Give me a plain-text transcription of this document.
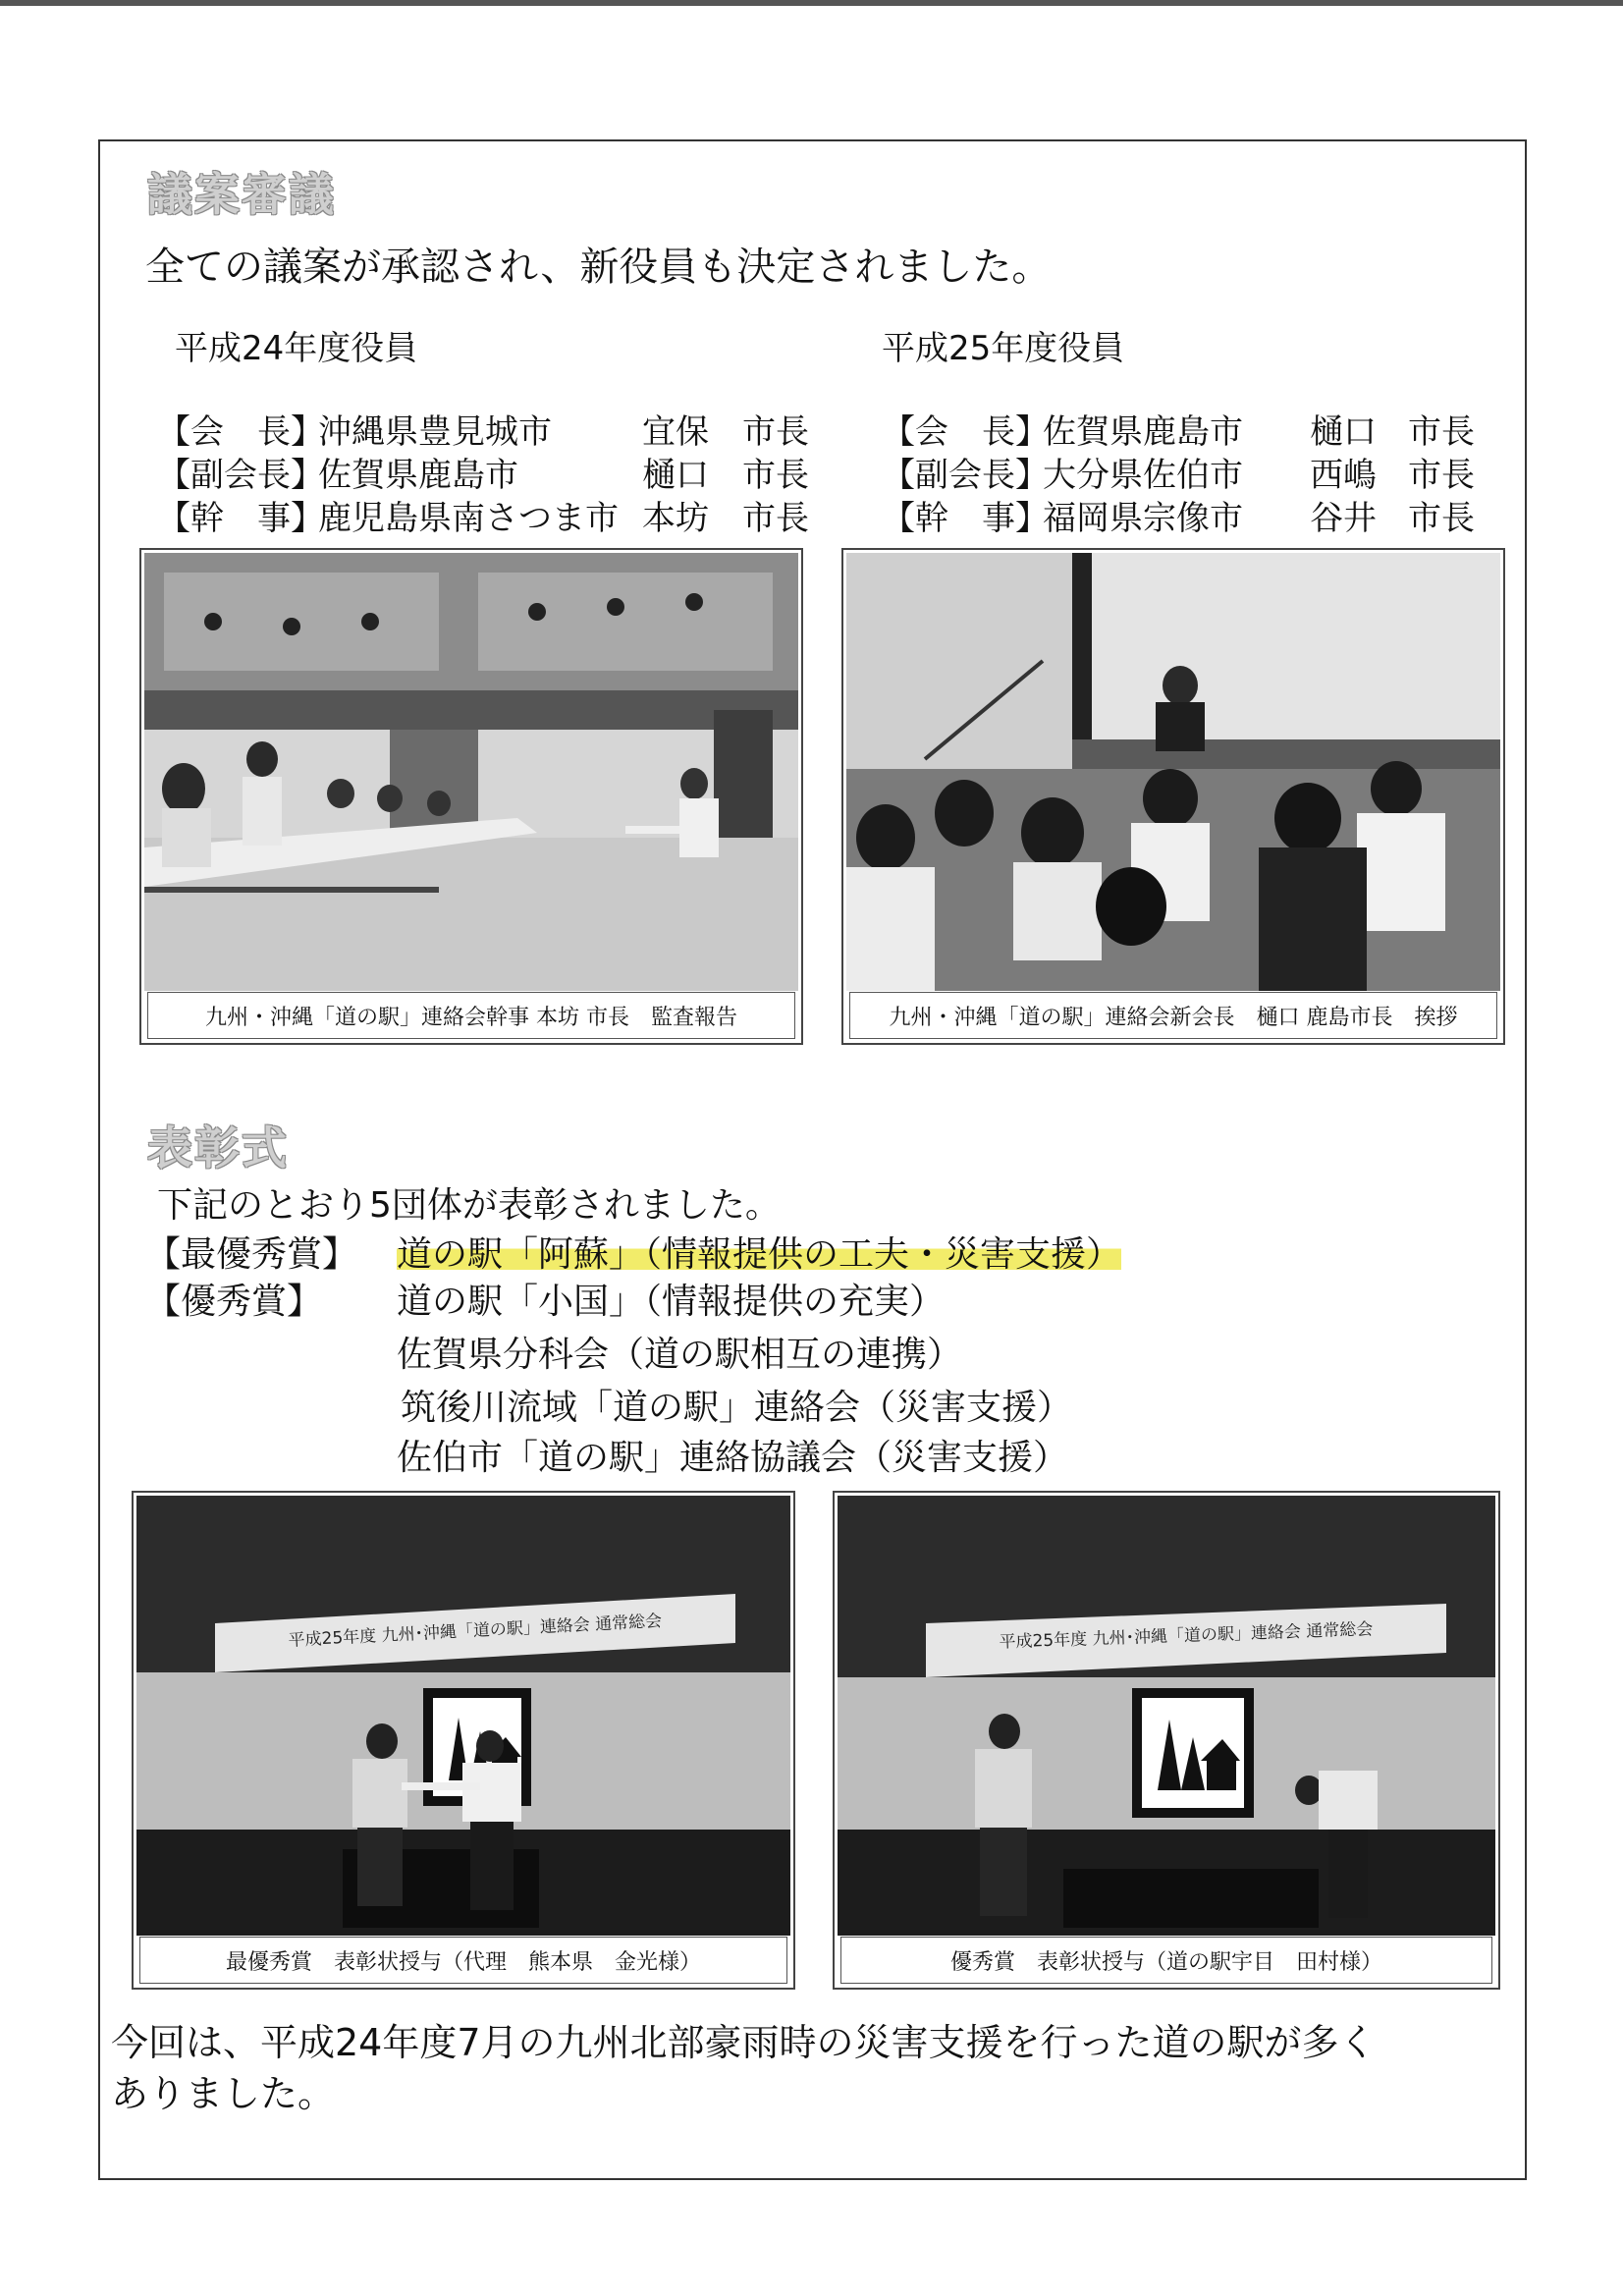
議案審議
全ての議案が承認され、新役員も決定されました。
平成24年度役員	平成25年度役員
【会　長】沖縄県豊見城市	宜保 市長
【副会長】佐賀県鹿島市	樋口 市長
【幹　事】鹿児島県南さつま市 本坊 市長
【会　長】佐賀県鹿島市 樋口 市長
【副会長】大分県佐伯市 西嶋 市長
【幹　事】福岡県宗像市 谷井 市長
九州・沖縄「道の駅」連絡会幹事 本坊 市長　監査報告	九州・沖縄「道の駅」連絡会新会長　樋口 鹿島市長　挨拶
表彰式
下記のとおり5団体が表彰されました。
【最優秀賞】 道の駅「阿蘇」（情報提供の工夫・災害支援）
【優秀賞】 道の駅「小国」（情報提供の充実）
佐賀県分科会（道の駅相互の連携）
筑後川流域「道の駅」連絡会（災害支援）
佐伯市「道の駅」連絡協議会（災害支援）
平成25年度 九州･沖縄「道の駅」連絡会 通常総会
最優秀賞　表彰状授与（代理　熊本県　金光様）
平成25年度 九州･沖縄「道の駅」連絡会 通常総会
優秀賞　表彰状授与（道の駅宇目　田村様）
今回は、平成24年度7月の九州北部豪雨時の災害支援を行った道の駅が多く
ありました。
